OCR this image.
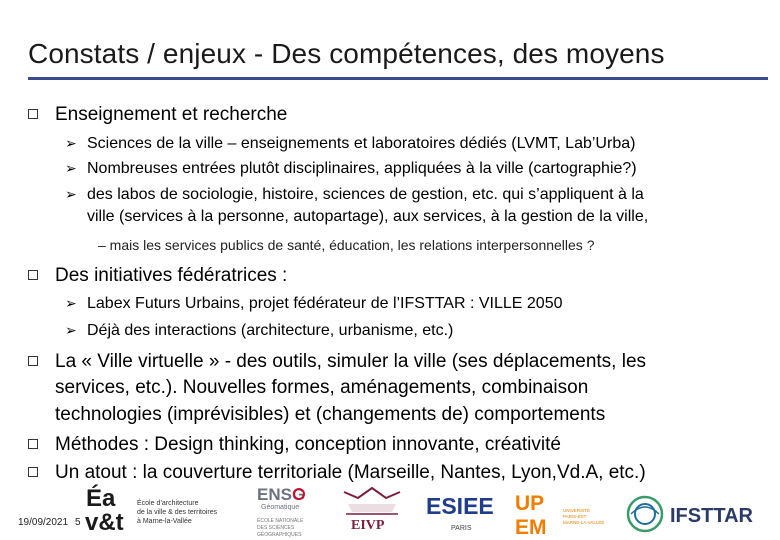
Constats / enjeux - Des compétences, des moyens
Enseignement et recherche
➢ Sciences de la ville – enseignements et laboratoires dédiés (LVMT, Lab’Urba)
➢ Nombreuses entrées plutôt disciplinaires, appliquées à la ville (cartographie?)
➢ des labos de sociologie, histoire, sciences de gestion, etc. qui s’appliquent à la
ville (services à la personne, autopartage), aux services, à la gestion de la ville,
– mais les services publics de santé, éducation, les relations interpersonnelles ?
Des initiatives fédératrices :
➢ Labex Futurs Urbains, projet fédérateur de l’IFSTTAR : VILLE 2050
➢ Déjà des interactions (architecture, urbanisme, etc.)
La « Ville virtuelle » - des outils, simuler la ville (ses déplacements, les
services, etc.). Nouvelles formes, aménagements, combinaison
technologies (imprévisibles) et (changements de) comportements
Méthodes : Design thinking, conception innovante, créativité
Un atout : la couverture territoriale (Marseille, Nantes, Lyon,Vd.A, etc.)
19/09/2021 5
Éa
v&t
École d’architecture
de la ville & des territoires
à Marne-la-Vallée
ENSG
Géomatique
ÉCOLE NATIONALE
DES SCIENCES
GÉOGRAPHIQUES
EIVP
ESIEE
PARIS
UP
EM
UNIVERSITÉ
PARIS-EST
MARNE-LA-VALLÉE	IFSTTAR
